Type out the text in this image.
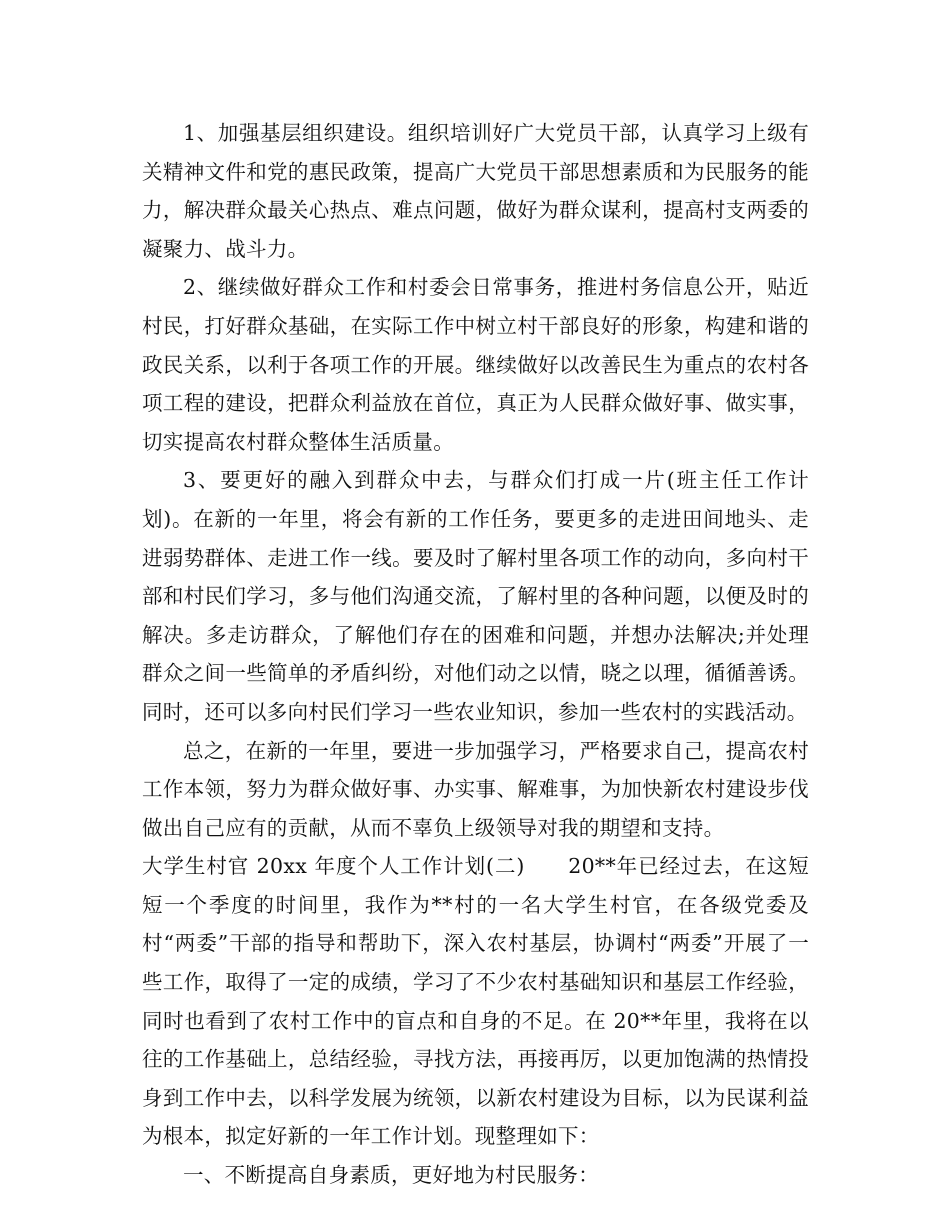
1、加强基层组织建设。组织培训好广大党员干部，认真学习上级有关精神文件和党的惠民政策，提高广大党员干部思想素质和为民服务的能力，解决群众最关心热点、难点问题，做好为群众谋利，提高村支两委的凝聚力、战斗力。

2、继续做好群众工作和村委会日常事务，推进村务信息公开，贴近村民，打好群众基础，在实际工作中树立村干部良好的形象，构建和谐的政民关系，以利于各项工作的开展。继续做好以改善民生为重点的农村各项工程的建设，把群众利益放在首位，真正为人民群众做好事、做实事，切实提高农村群众整体生活质量。

3、要更好的融入到群众中去，与群众们打成一片(班主任工作计划)。在新的一年里，将会有新的工作任务，要更多的走进田间地头、走进弱势群体、走进工作一线。要及时了解村里各项工作的动向，多向村干部和村民们学习，多与他们沟通交流，了解村里的各种问题，以便及时的解决。多走访群众，了解他们存在的困难和问题，并想办法解决;并处理群众之间一些简单的矛盾纠纷，对他们动之以情，晓之以理，循循善诱。同时，还可以多向村民们学习一些农业知识，参加一些农村的实践活动。

总之，在新的一年里，要进一步加强学习，严格要求自己，提高农村工作本领，努力为群众做好事、办实事、解难事，为加快新农村建设步伐做出自己应有的贡献，从而不辜负上级领导对我的期望和支持。

大学生村官 20xx 年度个人工作计划(二)　　20**年已经过去，在这短短一个季度的时间里，我作为**村的一名大学生村官，在各级党委及村“两委”干部的指导和帮助下，深入农村基层，协调村“两委”开展了一些工作，取得了一定的成绩，学习了不少农村基础知识和基层工作经验，同时也看到了农村工作中的盲点和自身的不足。在 20**年里，我将在以往的工作基础上，总结经验，寻找方法，再接再厉，以更加饱满的热情投身到工作中去，以科学发展为统领，以新农村建设为目标，以为民谋利益为根本，拟定好新的一年工作计划。现整理如下：

一、不断提高自身素质，更好地为村民服务：
